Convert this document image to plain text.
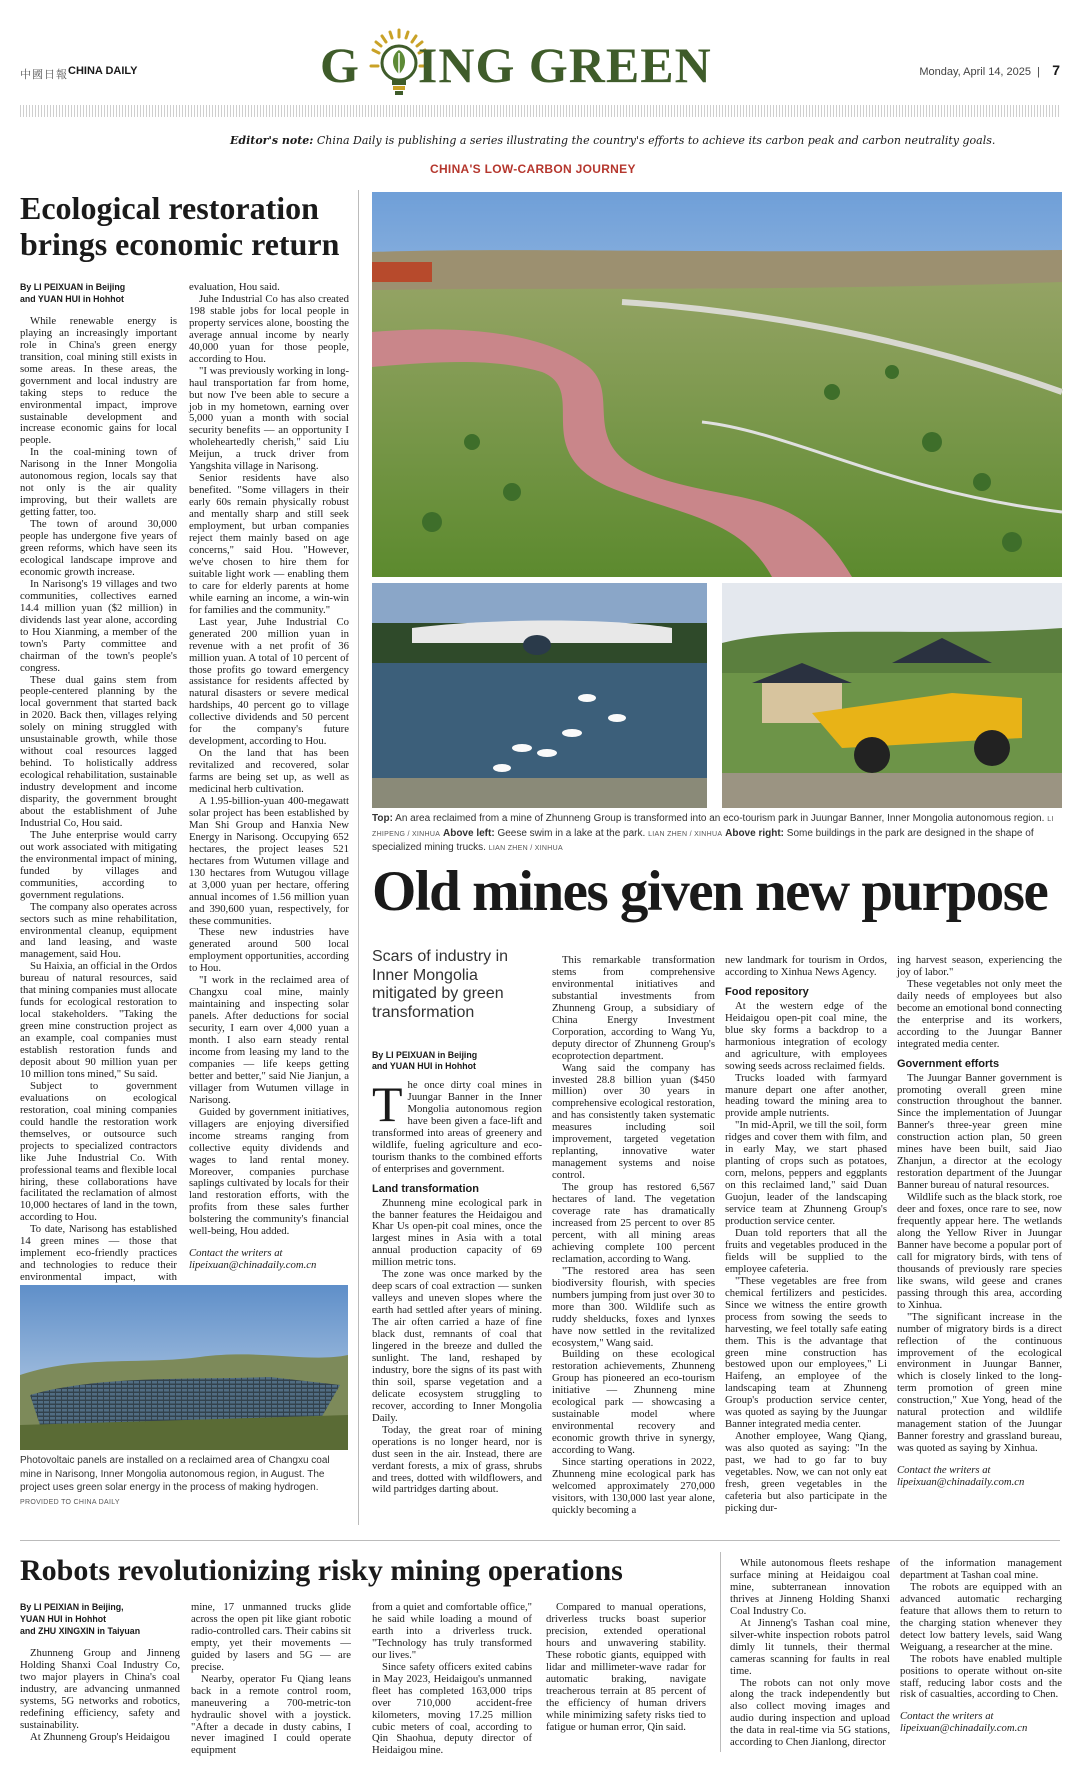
中國日報 CHINA DAILY	G ING GREEN	Monday, April 14, 2025  | 7
Editor's note: China Daily is publishing a series illustrating the country's efforts to achieve its carbon peak and carbon neutrality goals.
CHINA'S LOW-CARBON JOURNEY
Ecological restoration brings economic return

By LI PEIXUAN in Beijing
and YUAN HUI in Hohhot

While renewable energy is playing an increasingly important role in China's green energy transition, coal mining still exists in some areas. In these areas, the government and local industry are taking steps to reduce the environmental impact, improve sustainable development and increase economic gains for local people.

In the coal-mining town of Narisong in the Inner Mongolia autonomous region, locals say that not only is the air quality improving, but their wallets are getting fatter, too.

The town of around 30,000 people has undergone five years of green reforms, which have seen its ecological landscape improve and economic growth increase.

In Narisong's 19 villages and two communities, collectives earned 14.4 million yuan ($2 million) in dividends last year alone, according to Hou Xianming, a member of the town's Party committee and chairman of the town's people's congress.

These dual gains stem from people-centered planning by the local government that started back in 2020. Back then, villages relying solely on mining struggled with unsustainable growth, while those without coal resources lagged behind. To holistically address ecological rehabilitation, sustainable industry development and income disparity, the government brought about the establishment of Juhe Industrial Co, Hou said.

The Juhe enterprise would carry out work associated with mitigating the environmental impact of mining, funded by villages and communities, according to government regulations.

The company also operates across sectors such as mine rehabilitation, environmental cleanup, equipment and land leasing, and waste management, said Hou.

Su Haixia, an official in the Ordos bureau of natural resources, said that mining companies must allocate funds for ecological restoration to local stakeholders. "Taking the green mine construction project as an example, coal companies must establish restoration funds and deposit about 90 million yuan per 10 million tons mined," Su said.

Subject to government evaluations on ecological restoration, coal mining companies could handle the restoration work themselves, or outsource such projects to specialized contractors like Juhe Industrial Co. With professional teams and flexible local hiring, these collaborations have facilitated the reclamation of almost 10,000 hectares of land in the town, according to Hou.

To date, Narisong has established 14 green mines — those that implement eco-friendly practices and technologies to reduce their environmental impact, with

evaluation, Hou said.

Juhe Industrial Co has also created 198 stable jobs for local people in property services alone, boosting the average annual income by nearly 40,000 yuan for those people, according to Hou.

"I was previously working in long-haul transportation far from home, but now I've been able to secure a job in my hometown, earning over 5,000 yuan a month with social security benefits — an opportunity I wholeheartedly cherish," said Liu Meijun, a truck driver from Yangshita village in Narisong.

Senior residents have also benefited. "Some villagers in their early 60s remain physically robust and mentally sharp and still seek employment, but urban companies reject them mainly based on age concerns," said Hou. "However, we've chosen to hire them for suitable light work — enabling them to care for elderly parents at home while earning an income, a win-win for families and the community."

Last year, Juhe Industrial Co generated 200 million yuan in revenue with a net profit of 36 million yuan. A total of 10 percent of those profits go toward emergency assistance for residents affected by natural disasters or severe medical hardships, 40 percent go to village collective dividends and 50 percent for the company's future development, according to Hou.

On the land that has been revitalized and recovered, solar farms are being set up, as well as medicinal herb cultivation.

A 1.95-billion-yuan 400-megawatt solar project has been established by Man Shi Group and Hanxia New Energy in Narisong. Occupying 652 hectares, the project leases 521 hectares from Wutumen village and 130 hectares from Wutugou village at 3,000 yuan per hectare, offering annual incomes of 1.56 million yuan and 390,600 yuan, respectively, for these communities.

These new industries have generated around 500 local employment opportunities, according to Hou.

"I work in the reclaimed area of Changxu coal mine, mainly maintaining and inspecting solar panels. After deductions for social security, I earn over 4,000 yuan a month. I also earn steady rental income from leasing my land to the companies — life keeps getting better and better," said Nie Jianjun, a villager from Wutumen village in Narisong.

Guided by government initiatives, villagers are enjoying diversified income streams ranging from collective equity dividends and wages to land rental money. Moreover, companies purchase saplings cultivated by locals for their land restoration efforts, with the profits from these sales further bolstering the community's financial well-being, Hou added.

Contact the writers at
lipeixuan@chinadaily.com.cn

Photovoltaic panels are installed on a reclaimed area of Changxu coal mine in Narisong, Inner Mongolia autonomous region, in August. The project uses green solar energy in the process of making hydrogen. PROVIDED TO CHINA DAILY
Top: An area reclaimed from a mine of Zhunneng Group is transformed into an eco-tourism park in Juungar Banner, Inner Mongolia autonomous region. LI ZHIPENG / XINHUA Above left: Geese swim in a lake at the park. LIAN ZHEN / XINHUA Above right: Some buildings in the park are designed in the shape of specialized mining trucks. LIAN ZHEN / XINHUA
Old mines given new purpose
Scars of industry in Inner Mongolia mitigated by green transformation
By LI PEIXUAN in Beijing
and YUAN HUI in Hohhot

The once dirty coal mines in Juungar Banner in the Inner Mongolia autonomous region have been given a face-lift and transformed into areas of greenery and wildlife, fueling agriculture and eco-tourism thanks to the combined efforts of enterprises and government.

Land transformation

Zhunneng mine ecological park in the banner features the Heidaigou and Khar Us open-pit coal mines, once the largest mines in Asia with a total annual production capacity of 69 million metric tons.

The zone was once marked by the deep scars of coal extraction — sunken valleys and uneven slopes where the earth had settled after years of mining. The air often carried a haze of fine black dust, remnants of coal that lingered in the breeze and dulled the sunlight. The land, reshaped by industry, bore the signs of its past with thin soil, sparse vegetation and a delicate ecosystem struggling to recover, according to Inner Mongolia Daily.

Today, the great roar of mining operations is no longer heard, nor is dust seen in the air. Instead, there are verdant forests, a mix of grass, shrubs and trees, dotted with wildflowers, and wild partridges darting about.

This remarkable transformation stems from comprehensive environmental initiatives and substantial investments from Zhunneng Group, a subsidiary of China Energy Investment Corporation, according to Wang Yu, deputy director of Zhunneng Group's ecoprotection department.

Wang said the company has invested 28.8 billion yuan ($450 million) over 30 years in comprehensive ecological restoration, and has consistently taken systematic measures including soil improvement, targeted vegetation replanting, innovative water management systems and noise control.

The group has restored 6,567 hectares of land. The vegetation coverage rate has dramatically increased from 25 percent to over 85 percent, with all mining areas achieving complete 100 percent reclamation, according to Wang.

"The restored area has seen biodiversity flourish, with species numbers jumping from just over 30 to more than 300. Wildlife such as ruddy shelducks, foxes and lynxes have now settled in the revitalized ecosystem," Wang said.

Building on these ecological restoration achievements, Zhunneng Group has pioneered an eco-tourism initiative — Zhunneng mine ecological park — showcasing a sustainable model where environmental recovery and economic growth thrive in synergy, according to Wang.

Since starting operations in 2022, Zhunneng mine ecological park has welcomed approximately 270,000 visitors, with 130,000 last year alone, quickly becoming a

new landmark for tourism in Ordos, according to Xinhua News Agency.

Food repository

At the western edge of the Heidaigou open-pit coal mine, the blue sky forms a backdrop to a harmonious integration of ecology and agriculture, with employees sowing seeds across reclaimed fields.

Trucks loaded with farmyard manure depart one after another, heading toward the mining area to provide ample nutrients.

"In mid-April, we till the soil, form ridges and cover them with film, and in early May, we start phased planting of crops such as potatoes, corn, melons, peppers and eggplants on this reclaimed land," said Duan Guojun, leader of the landscaping service team at Zhunneng Group's production service center.

Duan told reporters that all the fruits and vegetables produced in the fields will be supplied to the employee cafeteria.

"These vegetables are free from chemical fertilizers and pesticides. Since we witness the entire growth process from sowing the seeds to harvesting, we feel totally safe eating them. This is the advantage that green mine construction has bestowed upon our employees," Li Haifeng, an employee of the landscaping team at Zhunneng Group's production service center, was quoted as saying by the Juungar Banner integrated media center.

Another employee, Wang Qiang, was also quoted as saying: "In the past, we had to go far to buy vegetables. Now, we can not only eat fresh, green vegetables in the cafeteria but also participate in the picking dur-

ing harvest season, experiencing the joy of labor."

These vegetables not only meet the daily needs of employees but also become an emotional bond connecting the enterprise and its workers, according to the Juungar Banner integrated media center.

Government efforts

The Juungar Banner government is promoting overall green mine construction throughout the banner. Since the implementation of Juungar Banner's three-year green mine construction action plan, 50 green mines have been built, said Jiao Zhanjun, a director at the ecology restoration department of the Juungar Banner bureau of natural resources.

Wildlife such as the black stork, roe deer and foxes, once rare to see, now frequently appear here. The wetlands along the Yellow River in Juungar Banner have become a popular port of call for migratory birds, with tens of thousands of previously rare species like swans, wild geese and cranes passing through this area, according to Xinhua.

"The significant increase in the number of migratory birds is a direct reflection of the continuous improvement of the ecological environment in Juungar Banner, which is closely linked to the long-term promotion of green mine construction," Xue Yong, head of the natural protection and wildlife management station of the Juungar Banner forestry and grassland bureau, was quoted as saying by Xinhua.

Contact the writers at
lipeixuan@chinadaily.com.cn

Robots revolutionizing risky mining operations

By LI PEIXIAN in Beijing,
YUAN HUI in Hohhot
and ZHU XINGXIN in Taiyuan

Zhunneng Group and Jinneng Holding Shanxi Coal Industry Co, two major players in China's coal industry, are advancing unmanned systems, 5G networks and robotics, redefining efficiency, safety and sustainability.

At Zhunneng Group's Heidaigou

mine, 17 unmanned trucks glide across the open pit like giant robotic radio-controlled cars. Their cabins sit empty, yet their movements — guided by lasers and 5G — are precise.

Nearby, operator Fu Qiang leans back in a remote control room, maneuvering a 700-metric-ton hydraulic shovel with a joystick. "After a decade in dusty cabins, I never imagined I could operate equipment

from a quiet and comfortable office," he said while loading a mound of earth into a driverless truck. "Technology has truly transformed our lives."

Since safety officers exited cabins in May 2023, Heidaigou's unmanned fleet has completed 163,000 trips over 710,000 accident-free kilometers, moving 17.25 million cubic meters of coal, according to Qin Shaohua, deputy director of Heidaigou mine.

Compared to manual operations, driverless trucks boast superior precision, extended operational hours and unwavering stability. These robotic giants, equipped with lidar and millimeter-wave radar for automatic braking, navigate treacherous terrain at 85 percent of the efficiency of human drivers while minimizing safety risks tied to fatigue or human error, Qin said.

While autonomous fleets reshape surface mining at Heidaigou coal mine, subterranean innovation thrives at Jinneng Holding Shanxi Coal Industry Co.

At Jinneng's Tashan coal mine, silver-white inspection robots patrol dimly lit tunnels, their thermal cameras scanning for faults in real time.

The robots can not only move along the track independently but also collect moving images and audio during inspection and upload the data in real-time via 5G stations, according to Chen Jianlong, director

of the information management department at Tashan coal mine.

The robots are equipped with an advanced automatic recharging feature that allows them to return to the charging station whenever they detect low battery levels, said Wang Weiguang, a researcher at the mine.

The robots have enabled multiple positions to operate without on-site staff, reducing labor costs and the risk of casualties, according to Chen.

Contact the writers at
lipeixuan@chinadaily.com.cn
